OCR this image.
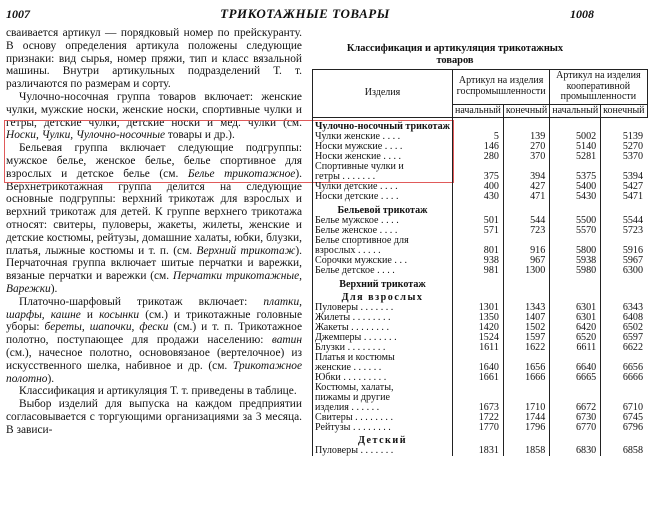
1007	ТРИКОТАЖНЫЕ ТОВАРЫ	1008

сваивается артикул — порядковый номер по прейскуранту. В основу определения артикула положены следующие признаки: вид сырья, номер пряжи, тип и класс вязальной машины. Внутри артикульных подразделений Т. т. различаются по размерам и сорту.

Чулочно-носочная группа товаров включает: женские чулки, мужские носки, женские носки, спортивные чулки и гетры, детские чулки, детские носки и мед. чулки (см. Носки, Чулки, Чулочно-носочные товары и др.).

Бельевая группа включает следующие подгруппы: мужское белье, женское белье, белье спортивное для взрослых и детское белье (см. Белье трикотажное). Верхнетрикотажная группа делится на следующие основные подгруппы: верхний трикотаж для взрослых и верхний трикотаж для детей. К группе верхнего трикотажа относят: свитеры, пуловеры, жакеты, жилеты, женские и детские костюмы, рейтузы, домашние халаты, юбки, блузки, платья, лыжные костюмы и т. п. (см. Верхний трикотаж). Перчаточная группа включает шитые перчатки и варежки, вязаные перчатки и варежки (см. Перчатки трикотажные, Варежки).

Платочно-шарфовый трикотаж включает: платки, шарфы, кашне и косынки (см.) и трикотажные головные уборы: береты, шапочки, фески (см.) и т. п. Трикотажное полотно, поступающее для продажи населению: ватин (см.), начесное полотно, основовязаное (вертелочное) из искусственного шелка, набивное и др. (см. Трикотажное полотно).

Классификация и артикуляция Т. т. приведены в таблице.

Выбор изделий для выпуска на каждом предприятии согласовывается с торгующими организациями за 3 месяца. В зависи-

Классификация и артикуляция трикотажных
товаров
Изделия	Артикул на изделия госпромышленности		Артикул на изделия кооперативной промышленности	
	начальный	конечный	начальный	конечный
Чулочно-носочный трикотаж				
Чулки женские . . . .	5	139	5002	5139
Носки мужские . . . .	146	270	5140	5270
Носки женские . . . .	280	370	5281	5370
Спортивные чулки и				
гетры . . . . . . .	375	394	5375	5394
Чулки детские . . . .	400	427	5400	5427
Носки детские . . . .	430	471	5430	5471
Бельевой трикотаж				
Белье мужское . . . .	501	544	5500	5544
Белье женское . . . .	571	723	5570	5723
Белье спортивное для				
взрослых . . . . .	801	916	5800	5916
Сорочки мужские . . .	938	967	5938	5967
Белье детское . . . .	981	1300	5980	6300
Верхний трикотаж				
Для взрослых				
Пуловеры . . . . . . .	1301	1343	6301	6343
Жилеты . . . . . . . .	1350	1407	6301	6408
Жакеты . . . . . . . .	1420	1502	6420	6502
Джемперы . . . . . . .	1524	1597	6520	6597
Блузки . . . . . . . .	1611	1622	6611	6622
Платья и костюмы				
женские . . . . . .	1640	1656	6640	6656
Юбки . . . . . . . . .	1661	1666	6665	6666
Костюмы, халаты,				
пижамы и другие				
изделия . . . . . .	1673	1710	6672	6710
Свитеры . . . . . . . .	1722	1744	6730	6745
Рейтузы . . . . . . . .	1770	1796	6770	6796
Детский				
Пуловеры . . . . . . .	1831	1858	6830	6858
